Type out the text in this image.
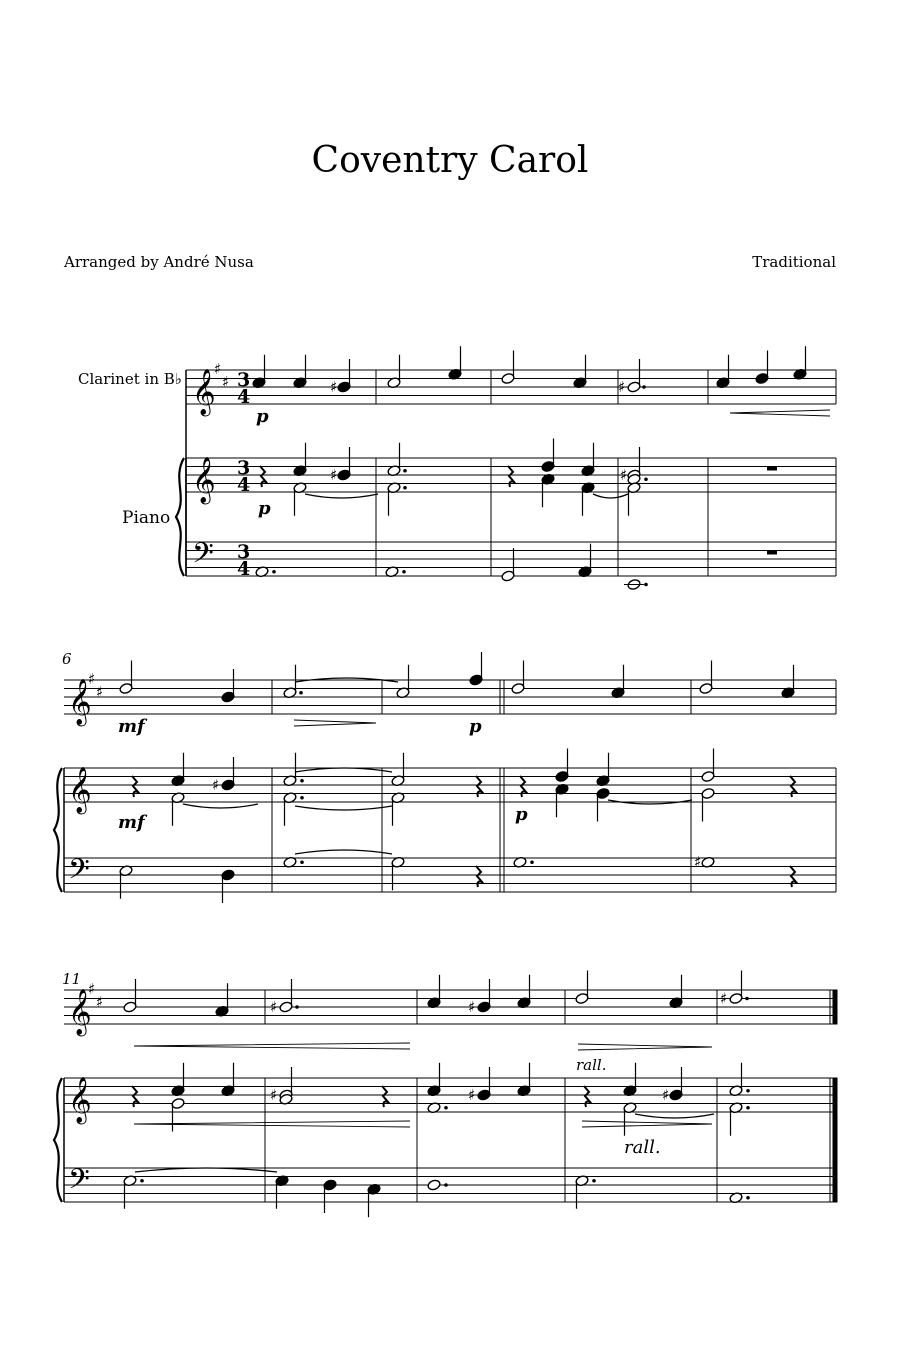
Coventry Carol
Arranged by André Nusa	Traditional
Clarinet in B♭
Piano
𝄞
♯
♯ 3
4
𝄞 3
4
𝄢 3
4
♯	♯
p
♯	♯
p
6
𝄞
♯
♯
𝄞
𝄢
mf	p
♯
mf	p
♯
11
𝄞
♯
♯
𝄞
𝄢
♯	♯	♯
rall.
♯	♯	♯
rall.
